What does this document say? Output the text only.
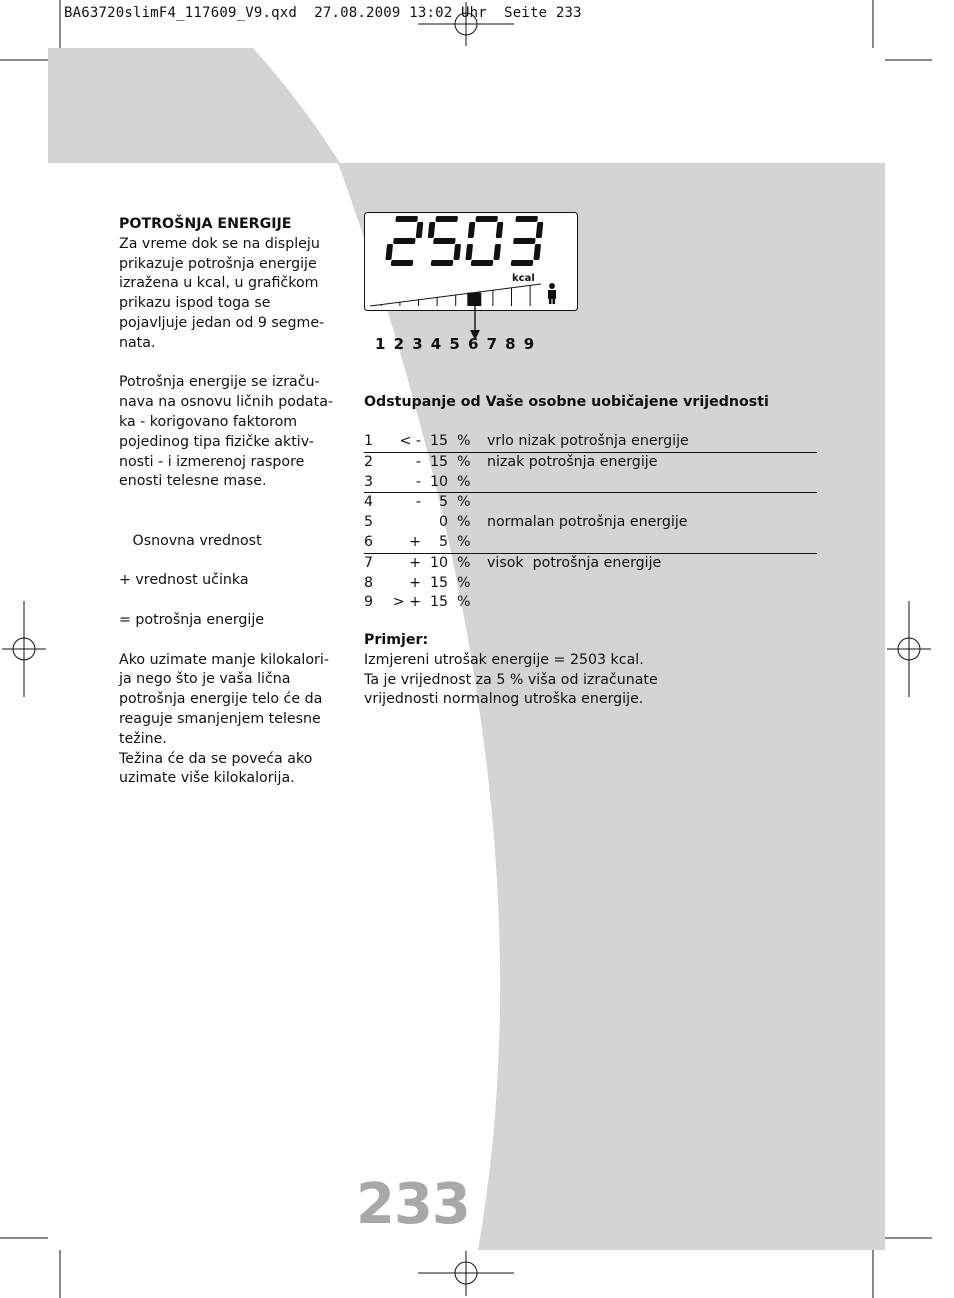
BA63720slimF4_117609_V9.qxd 27.08.2009 13:02 Uhr Seite 233

POTROŠNJA ENERGIJE

Za vreme dok se na displeju
prikazuje potrošnja energije
izražena u kcal, u grafičkom
prikazu ispod toga se
pojavljuje jedan od 9 segme-
nata.

Potrošnja energije se izraču-
nava na osnovu ličnih podata-
ka - korigovano faktorom
pojedinog tipa fizičke aktiv-
nosti - i izmerenoj raspore
enosti telesne mase.

Osnovna vrednost

+ vrednost učinka

= potrošnja energije

Ako uzimate manje kilokalori-
ja nego što je vaša lična
potrošnja energije telo će da
reaguje smanjenjem telesne
težine.
Težina će da se poveća ako
uzimate više kilokalorija.

kcal
1 2 3 4 5 6 7 8 9
Odstupanje od Vaše osobne uobičajene vrijednosti
1	< - 15 % vrlo nizak potrošnja energije
2	- 15 % nizak potrošnja energije
3	- 10 %
4	-	5 %
5	0 % normalan potrošnja energije
6	+	5 %
7	+ 10 % visok  potrošnja energije
8	+ 15 %
9	> + 15 %
Primjer:
Izmjereni utrošak energije = 2503 kcal.
Ta je vrijednost za 5 % viša od izračunate
vrijednosti normalnog utroška energije.
233
